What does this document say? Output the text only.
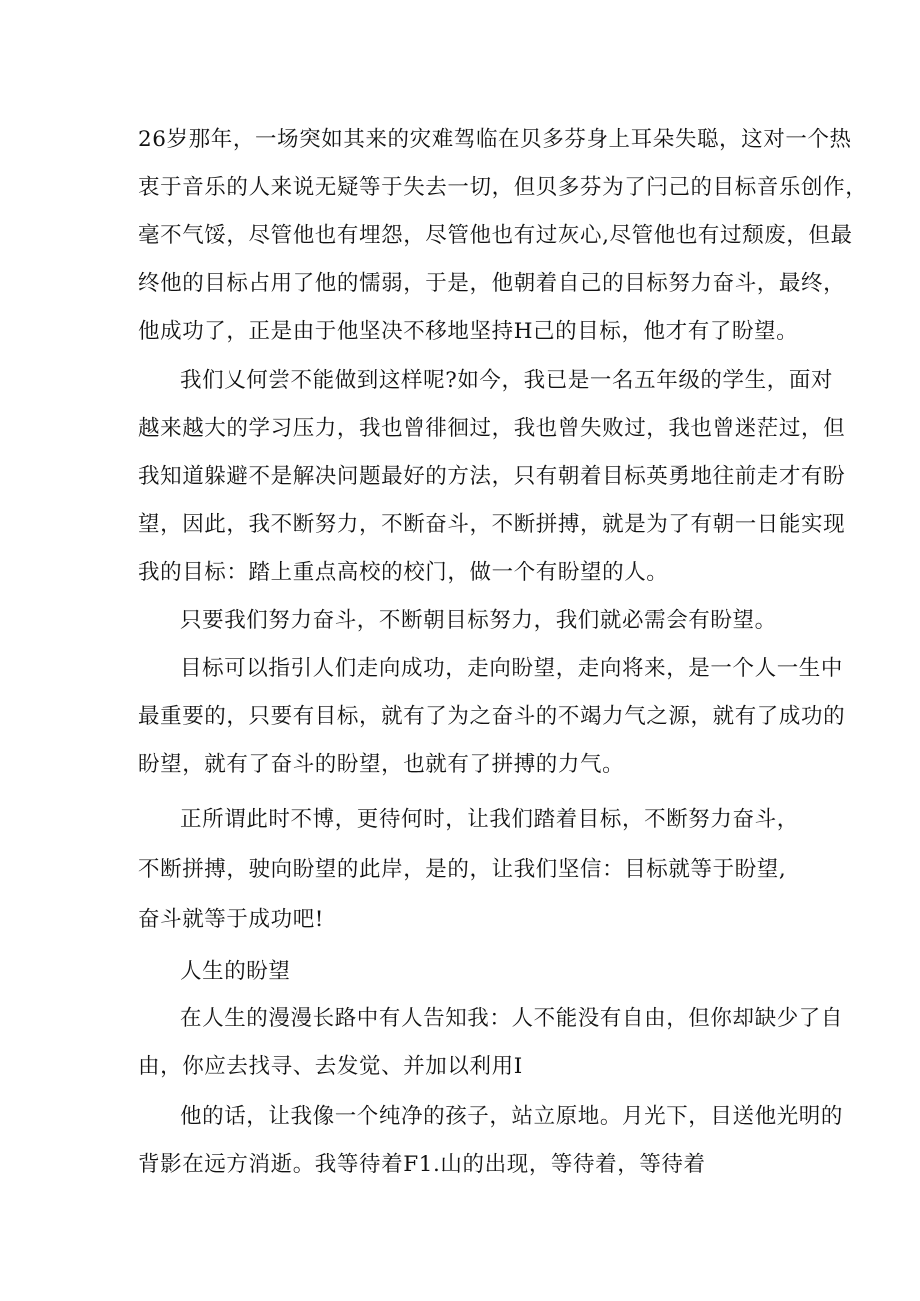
26岁那年，一场突如其来的灾难驾临在贝多芬身上耳朵失聪，这对一个热
衷于音乐的人来说无疑等于失去一切，但贝多芬为了闩己的目标音乐创作，
毫不气馁，尽管他也有埋怨，尽管他也有过灰心,尽管他也有过颓废，但最
终他的目标占用了他的懦弱，于是，他朝着自己的目标努力奋斗，最终，
他成功了，正是由于他坚决不移地坚持H己的目标，他才有了盼望。
我们乂何尝不能做到这样呢?如今，我已是一名五年级的学生，面对
越来越大的学习压力，我也曾徘徊过，我也曾失败过，我也曾迷茫过，但
我知道躲避不是解决问题最好的方法，只有朝着目标英勇地往前走才有盼
望，因此，我不断努力，不断奋斗，不断拼搏，就是为了有朝一日能实现
我的目标：踏上重点高校的校门，做一个有盼望的人。
只要我们努力奋斗，不断朝目标努力，我们就必需会有盼望。
目标可以指引人们走向成功，走向盼望，走向将来，是一个人一生中
最重要的，只要有目标，就有了为之奋斗的不竭力气之源，就有了成功的
盼望，就有了奋斗的盼望，也就有了拼搏的力气。
正所谓此时不博，更待何时，让我们踏着目标，不断努力奋斗，
不断拼搏，驶向盼望的此岸，是的，让我们坚信：目标就等于盼望,
奋斗就等于成功吧!
人生的盼望
在人生的漫漫长路中有人告知我：人不能没有自由，但你却缺少了自
由，你应去找寻、去发觉、并加以利用I
他的话，让我像一个纯净的孩子，站立原地。月光下，目送他光明的
背影在远方消逝。我等待着F1.山的出现，等待着，等待着
